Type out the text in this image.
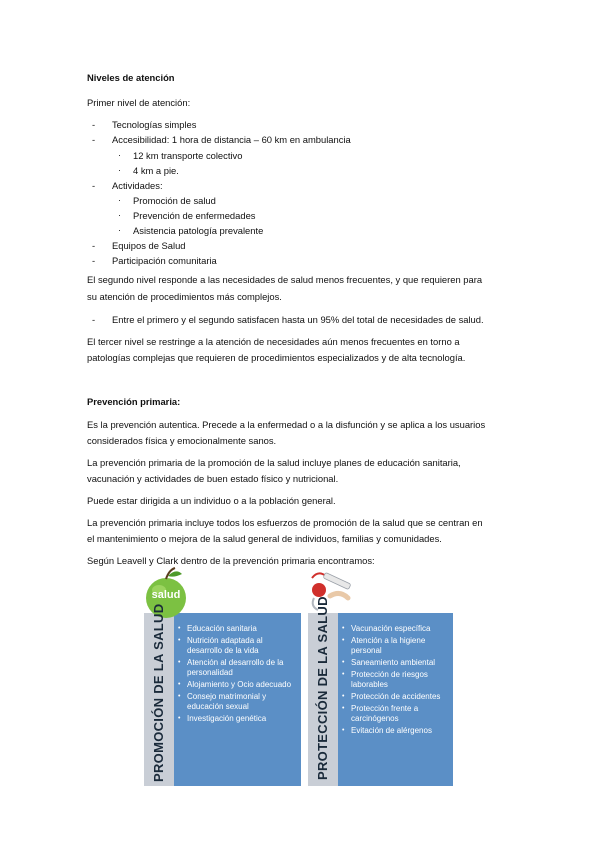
Niveles de atención
Primer nivel de atención:
- Tecnologías simples
- Accesibilidad: 1 hora de distancia – 60 km en ambulancia
· 12 km transporte colectivo
· 4 km a pie.
- Actividades:
· Promoción de salud
· Prevención de enfermedades
· Asistencia patología prevalente
- Equipos de Salud
- Participación comunitaria
El segundo nivel responde a las necesidades de salud menos frecuentes, y que requieren para
su atención de procedimientos más complejos.
- Entre el primero y el segundo satisfacen hasta un 95% del total de necesidades de salud.
El tercer nivel se restringe a la atención de necesidades aún menos frecuentes en torno a
patologías complejas que requieren de procedimientos especializados y de alta tecnología.
Prevención primaria:
Es la prevención autentica. Precede a la enfermedad o a la disfunción y se aplica a los usuarios
considerados física y emocionalmente sanos.
La prevención primaria de la promoción de la salud incluye planes de educación sanitaria,
vacunación y actividades de buen estado físico y nutricional.
Puede estar dirigida a un individuo o a la población general.
La prevención primaria incluye todos los esfuerzos de promoción de la salud que se centran en
el mantenimiento o mejora de la salud general de individuos, familias y comunidades.
Según Leavell y Clark dentro de la prevención primaria encontramos:
salud
PROMOCIÓN DE LA SALUD	PROTECCIÓN DE LA SALUD
• Educación sanitaria
• Nutrición adaptada al desarrollo de la vida
• Atención al desarrollo de la personalidad
• Alojamiento y Ocio adecuado
• Consejo matrimonial y educación sexual
• Investigación genética
• Vacunación específica
• Atención a la higiene personal
• Saneamiento ambiental
• Protección de riesgos laborables
• Protección de accidentes
• Protección frente a carcinógenos
• Evitación de alérgenos
